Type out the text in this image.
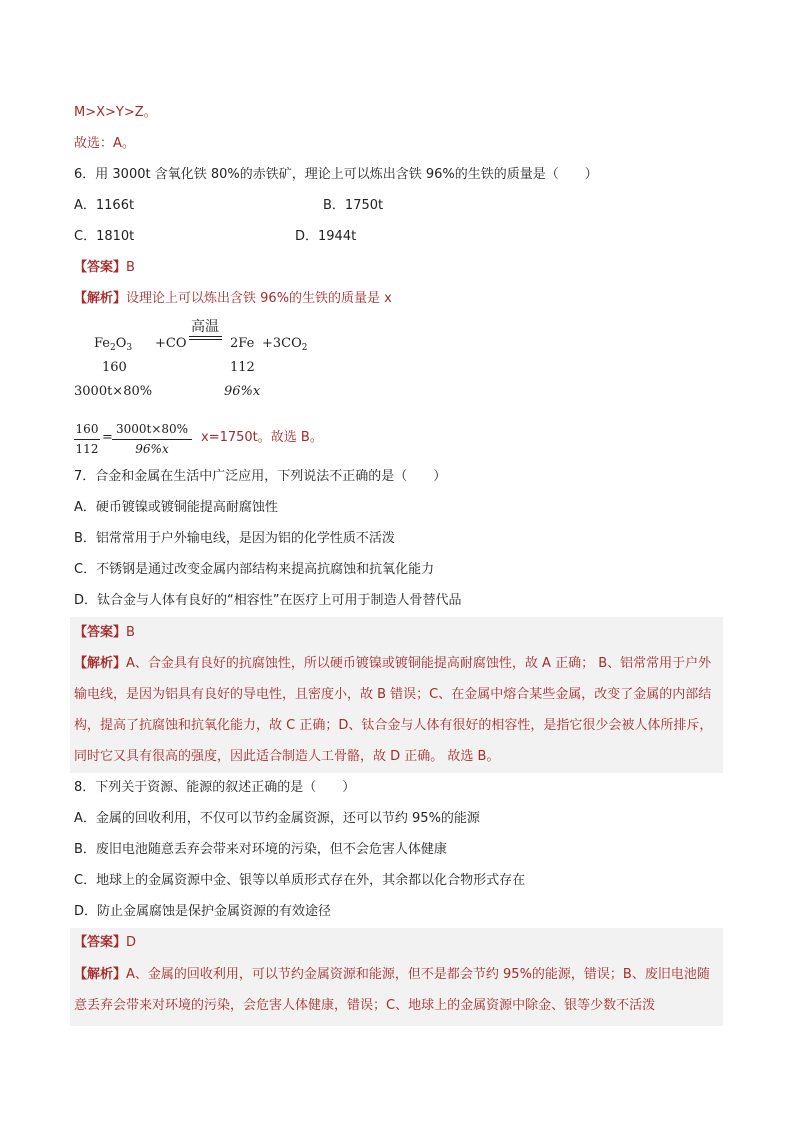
M>X>Y>Z。
故选：A。
6．用 3000t 含氧化铁 80%的赤铁矿，理论上可以炼出含铁 96%的生铁的质量是（　　）
A．1166t	B．1750t
C．1810t	D．1944t
【答案】B
【解析】设理论上可以炼出含铁 96%的生铁的质量是 x
$Fe_2O_3 +CO$
高温
$2Fe +3CO_2$
160	112
3000t×80%	96%x
160
112
=
3000t×80%
96%x
x=1750t。故选 B。
7．合金和金属在生活中广泛应用，下列说法不正确的是（　　）
A．硬币镀镍或镀铜能提高耐腐蚀性
B．铝常常用于户外输电线，是因为铝的化学性质不活泼
C．不锈钢是通过改变金属内部结构来提高抗腐蚀和抗氧化能力
D．钛合金与人体有良好的“相容性”在医疗上可用于制造人骨替代品
【答案】B
【解析】A、合金具有良好的抗腐蚀性，所以硬币镀镍或镀铜能提高耐腐蚀性，故 A 正确； B、铝常常用于户外输电线，是因为铝具有良好的导电性，且密度小，故 B 错误；C、在金属中熔合某些金属，改变了金属的内部结构，提高了抗腐蚀和抗氧化能力，故 C 正确；D、钛合金与人体有很好的相容性，是指它很少会被人体所排斥，同时它又具有很高的强度，因此适合制造人工骨骼，故 D 正确。 故选 B。
8．下列关于资源、能源的叙述正确的是（　　）
A．金属的回收利用，不仅可以节约金属资源，还可以节约 95%的能源
B．废旧电池随意丢弃会带来对环境的污染，但不会危害人体健康
C．地球上的金属资源中金、银等以单质形式存在外，其余都以化合物形式存在
D．防止金属腐蚀是保护金属资源的有效途径
【答案】D
【解析】A、金属的回收利用，可以节约金属资源和能源，但不是都会节约 95%的能源，错误；B、废旧电池随意丢弃会带来对环境的污染，会危害人体健康，错误；C、地球上的金属资源中除金、银等少数不活泼
